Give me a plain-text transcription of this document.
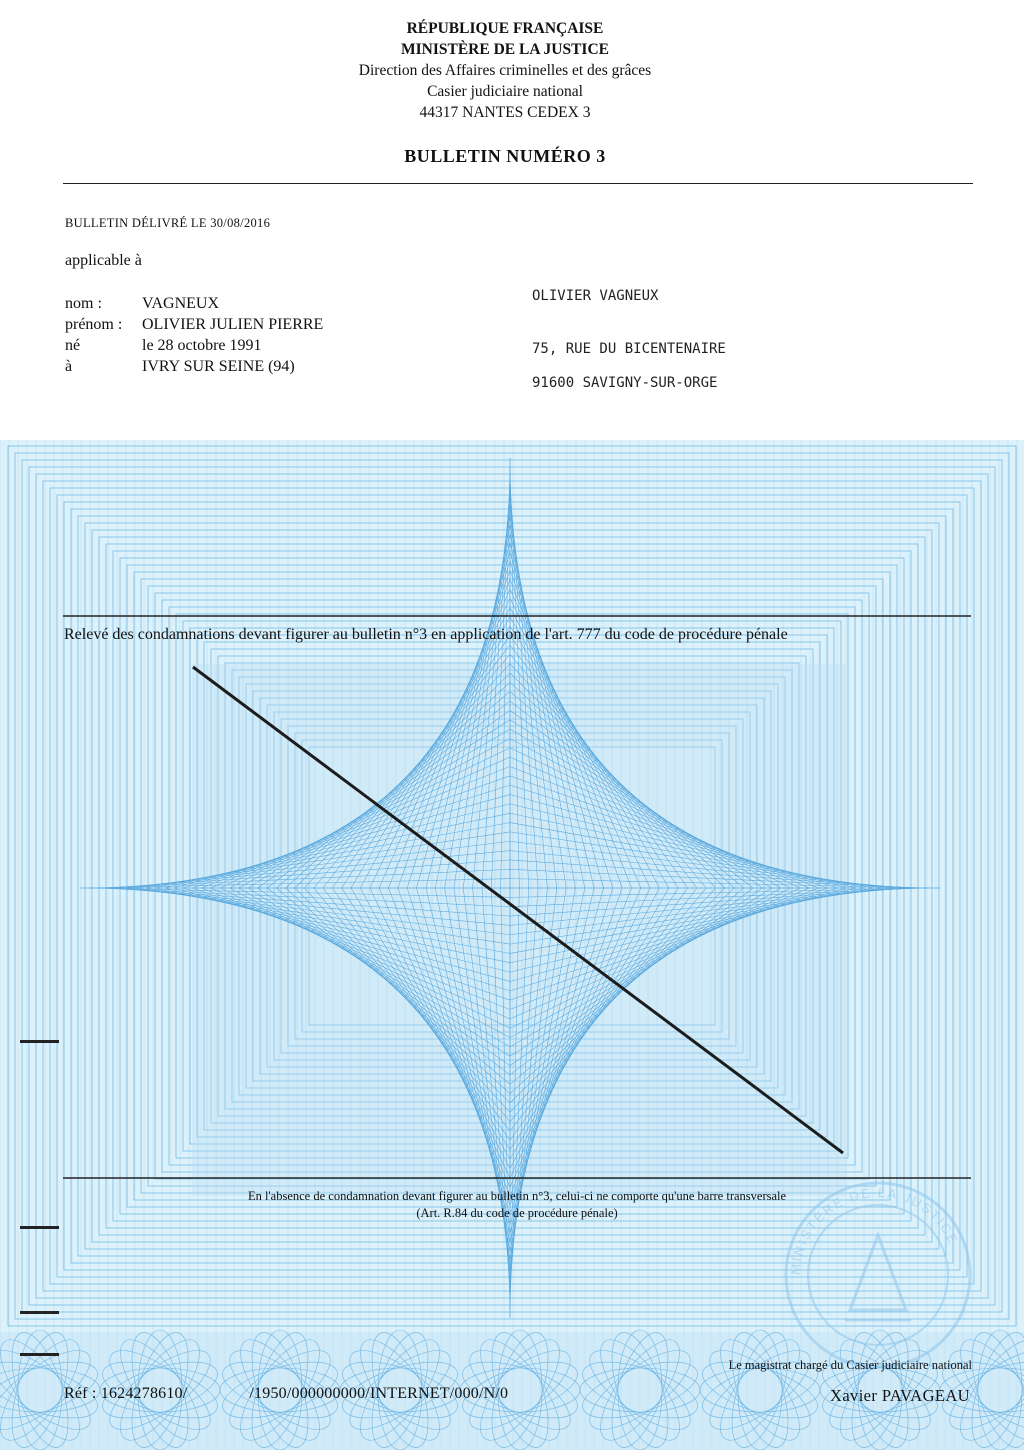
RÉPUBLIQUE FRANÇAISE
MINISTÈRE DE LA JUSTICE
Direction des Affaires criminelles et des grâces
Casier judiciaire national
44317 NANTES CEDEX 3
BULLETIN NUMÉRO 3
BULLETIN DÉLIVRÉ LE 30/08/2016
applicable à
nom :	VAGNEUX
prénom :	OLIVIER JULIEN PIERRE
né	le 28 octobre 1991
à	IVRY SUR SEINE (94)
OLIVIER VAGNEUX
75, RUE DU BICENTENAIRE
91600 SAVIGNY-SUR-ORGE
MINISTÈRE DE LA JUSTICE
Relevé des condamnations devant figurer au bulletin n°3 en application de l'art. 777 du code de procédure pénale
En l'absence de condamnation devant figurer au bulletin n°3, celui-ci ne comporte qu'une barre transversale
(Art. R.84 du code de procédure pénale)
Le magistrat chargé du Casier judiciaire national
Xavier PAVAGEAU
Réf : 1624278610/	/1950/000000000/INTERNET/000/N/0
